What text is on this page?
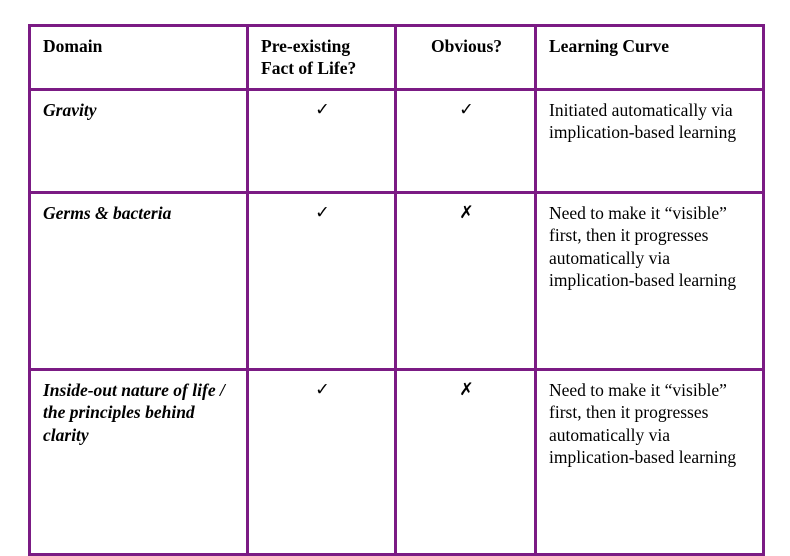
Domain	Pre-existing Fact of Life?	Obvious?	Learning Curve
Gravity	✓	✓	Initiated automatically via implication-based learning
Germs & bacteria	✓	✗	Need to make it “visible” first, then it progresses automatically via implication-based learning
Inside-out nature of life / the principles behind clarity	✓	✗	Need to make it “visible” first, then it progresses automatically via implication-based learning
